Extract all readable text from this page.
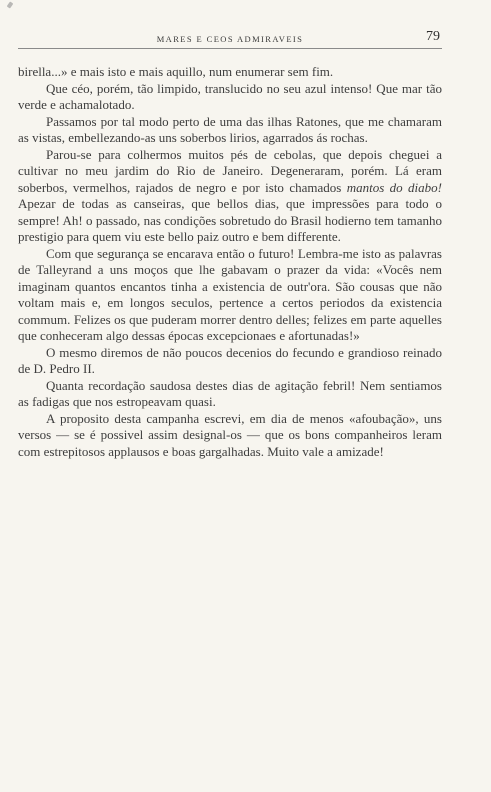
MARES E CEOS ADMIRAVEIS	79

birella...» e mais isto e mais aquillo, num enumerar sem fim.

Que céo, porém, tão limpido, translucido no seu azul intenso! Que mar tão verde e achamalotado.

Passamos por tal modo perto de uma das ilhas Ratones, que me chamaram as vistas, embellezando-as uns soberbos lirios, agarrados ás rochas.

Parou-se para colhermos muitos pés de cebolas, que depois cheguei a cultivar no meu jardim do Rio de Janeiro. Degeneraram, porém. Lá eram soberbos, vermelhos, rajados de negro e por isto chamados mantos do diabo! Apezar de todas as canseiras, que bellos dias, que impressões para todo o sempre! Ah! o passado, nas condições sobretudo do Brasil hodierno tem tamanho prestigio para quem viu este bello paiz outro e bem differente.

Com que segurança se encarava então o futuro! Lembra-me isto as palavras de Talleyrand a uns moços que lhe gabavam o prazer da vida: «Vocês nem imaginam quantos encantos tinha a existencia de outr'ora. São cousas que não voltam mais e, em longos seculos, pertence a certos periodos da existencia commum. Felizes os que puderam morrer dentro delles; felizes em parte aquelles que conheceram algo dessas épocas excepcionaes e afortunadas!»

O mesmo diremos de não poucos decenios do fecundo e grandioso reinado de D. Pedro II.

Quanta recordação saudosa destes dias de agitação febril! Nem sentiamos as fadigas que nos estropeavam quasi.

A proposito desta campanha escrevi, em dia de menos «afoubação», uns versos — se é possivel assim designal-os — que os bons companheiros leram com estrepitosos applausos e boas gargalhadas. Muito vale a amizade!
